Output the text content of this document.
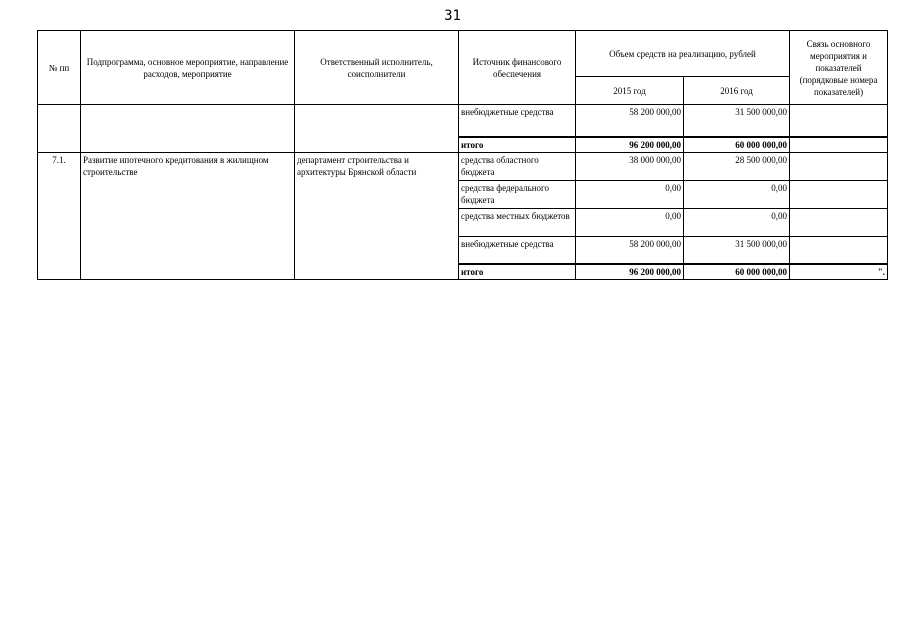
31
№ пп	Подпрограмма, основное мероприятие, направление расходов, мероприятие	Ответственный исполнитель, соисполнители	Источник финансового обеспечения	Объем средств на реализацию, рублей		Связь основного мероприятия и показателей (порядковые номера показателей)
				2015 год	2016 год	
			внебюджетные средства	58 200 000,00	31 500 000,00	
			итого	96 200 000,00	60 000 000,00	
7.1.	Развитие ипотечного кредитования в жилищном строительстве	департамент строительства и архитектуры Брянской области	средства областного бюджета	38 000 000,00	28 500 000,00	
			средства федерального бюджета	0,00	0,00	
			средства местных бюджетов	0,00	0,00	
			внебюджетные средства	58 200 000,00	31 500 000,00	
			итого	96 200 000,00	60 000 000,00	".
